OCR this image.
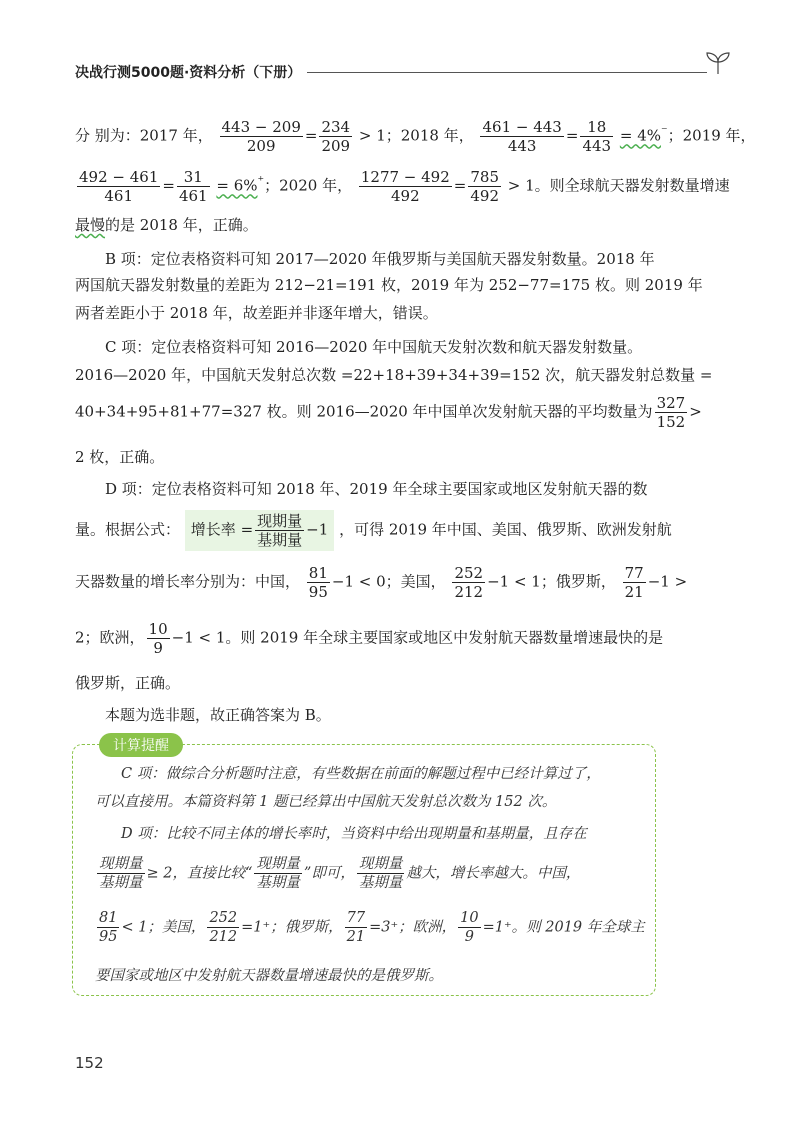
决战行测5000题·资料分析（下册）
分 别为：2017 年， $\frac{443 - 209}{209} = \frac{234}{209} > 1$；2018 年， $\frac{461 - 443}{443} = \frac{18}{443} = 4\%^{^-}$；2019 年，
$\frac{492 - 461}{461} = \frac{31}{461} = 6\%^{^+}$；2020 年， $\frac{1277 - 492}{492} = \frac{785}{492} > 1$。则全球航天器发射数量增速
最慢的是 2018 年，正确。
B 项：定位表格资料可知 2017—2020 年俄罗斯与美国航天器发射数量。2018 年
两国航天器发射数量的差距为 212−21=191 枚，2019 年为 252−77=175 枚。则 2019 年
两者差距小于 2018 年，故差距并非逐年增大，错误。
C 项：定位表格资料可知 2016—2020 年中国航天发射次数和航天器发射数量。
2016—2020 年，中国航天发射总次数 =22+18+39+34+39=152 次，航天器发射总数量 =
40+34+95+81+77=327 枚。则 2016—2020 年中国单次发射航天器的平均数量为 $\frac{327}{152}$ >
2 枚，正确。
D 项：定位表格资料可知 2018 年、2019 年全球主要国家或地区发射航天器的数
量。根据公式： 增长率 = $\frac{\text{现期量}}{\text{基期量}} -1$ ，可得 2019 年中国、美国、俄罗斯、欧洲发射航
天器数量的增长率分别为：中国， $\frac{81}{95} -1 < 0$；美国， $\frac{252}{212} -1 < 1$；俄罗斯， $\frac{77}{21} -1$ >
2；欧洲， $\frac{10}{9} -1 < 1$。则 2019 年全球主要国家或地区中发射航天器数量增速最快的是
俄罗斯，正确。
本题为选非题，故正确答案为 B。
计算提醒
C 项：做综合分析题时注意，有些数据在前面的解题过程中已经计算过了，
可以直接用。本篇资料第 1 题已经算出中国航天发射总次数为 152 次。
D 项：比较不同主体的增长率时，当资料中给出现期量和基期量，且存在
$\frac{\text{现期量}}{\text{基期量}} \ge 2$，直接比较“ $\frac{\text{现期量}}{\text{基期量}}$ ”即可， $\frac{\text{现期量}}{\text{基期量}}$ 越大，增长率越大。中国，
$\frac{81}{95} < 1$；美国， $\frac{252}{212} =1^+$；俄罗斯， $\frac{77}{21} =3^+$；欧洲， $\frac{10}{9} =1^+$。则 2019 年全球主
要国家或地区中发射航天器数量增速最快的是俄罗斯。
152
